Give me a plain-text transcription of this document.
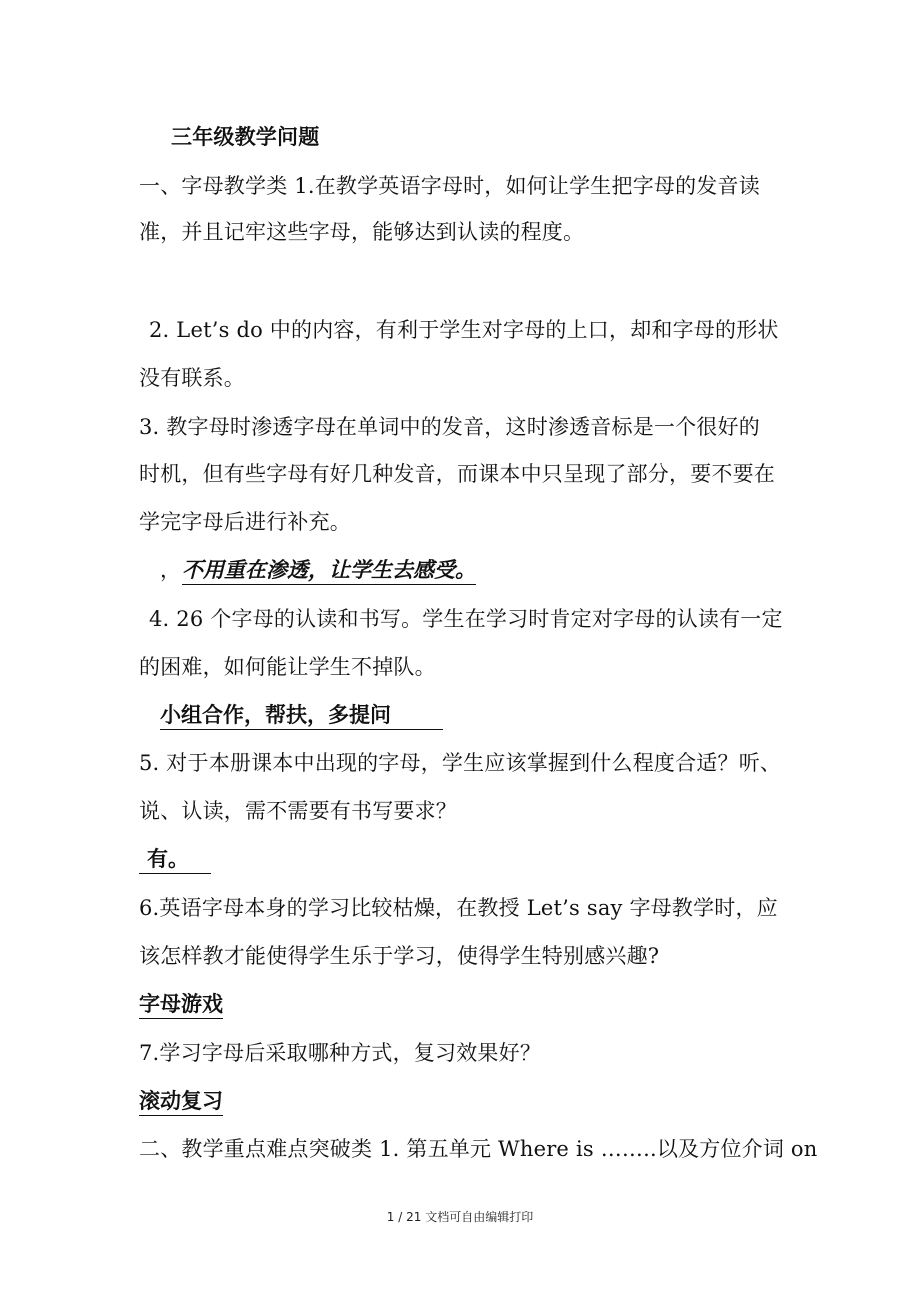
三年级教学问题
一、字母教学类 1.在教学英语字母时，如何让学生把字母的发音读
准，并且记牢这些字母，能够达到认读的程度。
2. Let’s do 中的内容，有利于学生对字母的上口，却和字母的形状
没有联系。
3. 教字母时渗透字母在单词中的发音，这时渗透音标是一个很好的
时机，但有些字母有好几种发音，而课本中只呈现了部分，要不要在
学完字母后进行补充。
， 不用重在渗透，让学生去感受。
4. 26 个字母的认读和书写。学生在学习时肯定对字母的认读有一定
的困难，如何能让学生不掉队。
小组合作，帮扶，多提问
5. 对于本册课本中出现的字母，学生应该掌握到什么程度合适？听、
说、认读，需不需要有书写要求？
有。
6.英语字母本身的学习比较枯燥，在教授 Let’s say 字母教学时，应
该怎样教才能使得学生乐于学习，使得学生特别感兴趣?
字母游戏
7.学习字母后采取哪种方式，复习效果好？
滚动复习
二、教学重点难点突破类 1. 第五单元 Where is ……..以及方位介词 on
1 / 21 文档可自由编辑打印
